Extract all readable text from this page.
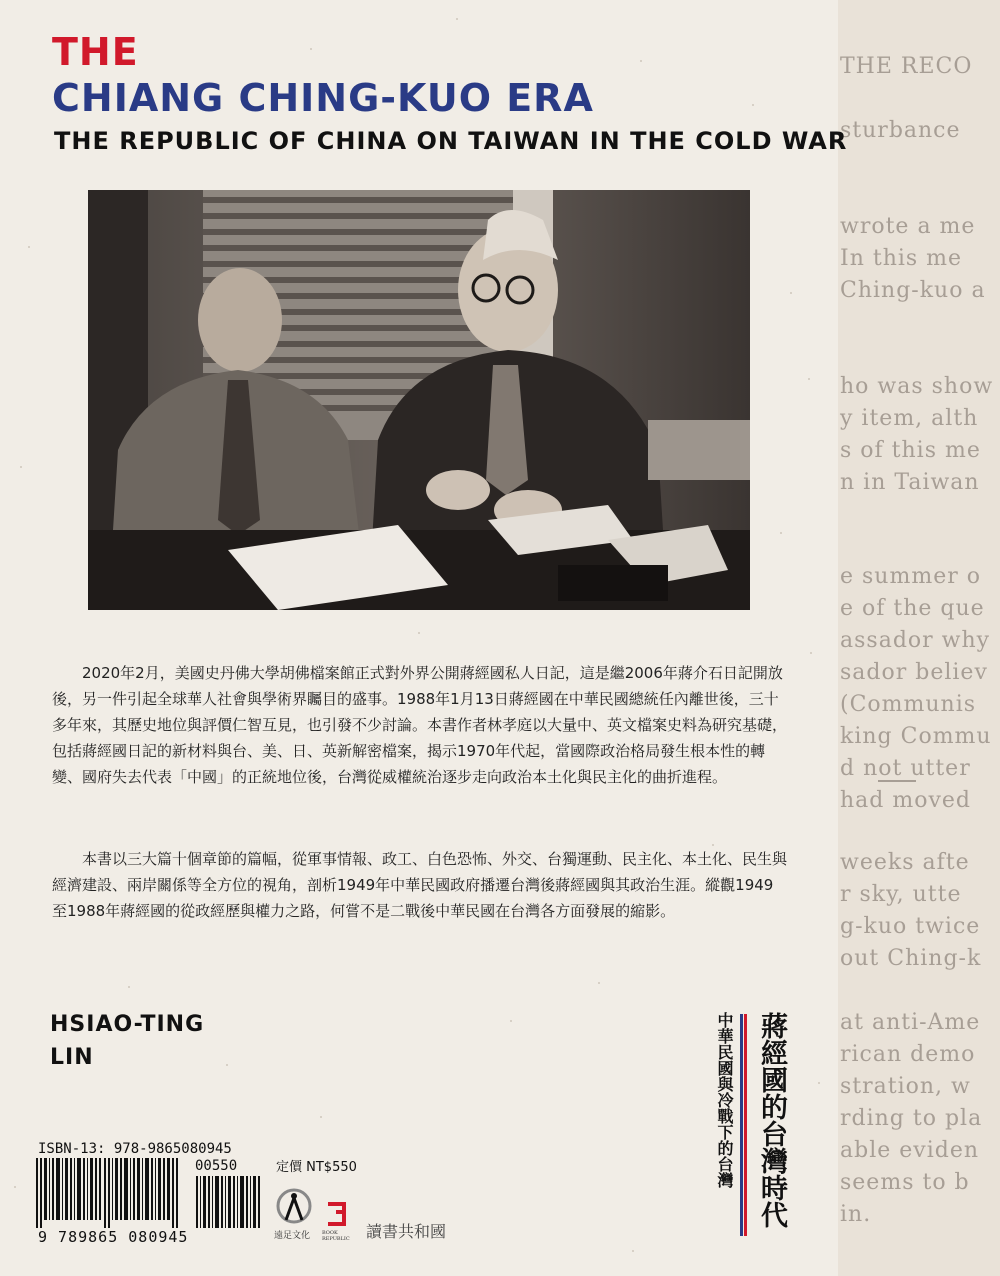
THE RECO
sturbance
wrote a me
In this me
Ching-kuo a
ho was show
y item, alth
s of this me
n in Taiwan
e summer o
e of the que
assador why
sador believ
(Communis
king Commu
d not utter
had moved
weeks afte
r sky, utte
g-kuo twice
out Ching-k
at anti-Ame
rican demo
stration, w
rding to pla
able eviden
seems to b
in.
THE
CHIANG CHING-KUO ERA
THE REPUBLIC OF CHINA ON TAIWAN IN THE COLD WAR

2020年2月，美國史丹佛大學胡佛檔案館正式對外界公開蔣經國私人日記，這是繼2006年蔣介石日記開放後，另一件引起全球華人社會與學術界矚目的盛事。1988年1月13日蔣經國在中華民國總統任內離世後，三十多年來，其歷史地位與評價仁智互見，也引發不少討論。本書作者林孝庭以大量中、英文檔案史料為研究基礎，包括蔣經國日記的新材料與台、美、日、英新解密檔案，揭示1970年代起，當國際政治格局發生根本性的轉變、國府失去代表「中國」的正統地位後，台灣從威權統治逐步走向政治本土化與民主化的曲折進程。

本書以三大篇十個章節的篇幅，從軍事情報、政工、白色恐怖、外交、台獨運動、民主化、本土化、民生與經濟建設、兩岸關係等全方位的視角，剖析1949年中華民國政府播遷台灣後蔣經國與其政治生涯。縱觀1949至1988年蔣經國的從政經歷與權力之路，何嘗不是二戰後中華民國在台灣各方面發展的縮影。

HSIAO-TING
LIN
ISBN-13: 978-9865080945
00550
9 789865 080945
定價 NT$550
遠足文化 BOOK REPUBLIC	讀書共和國
蔣經國的台灣時代
中華民國與冷戰下的台灣
